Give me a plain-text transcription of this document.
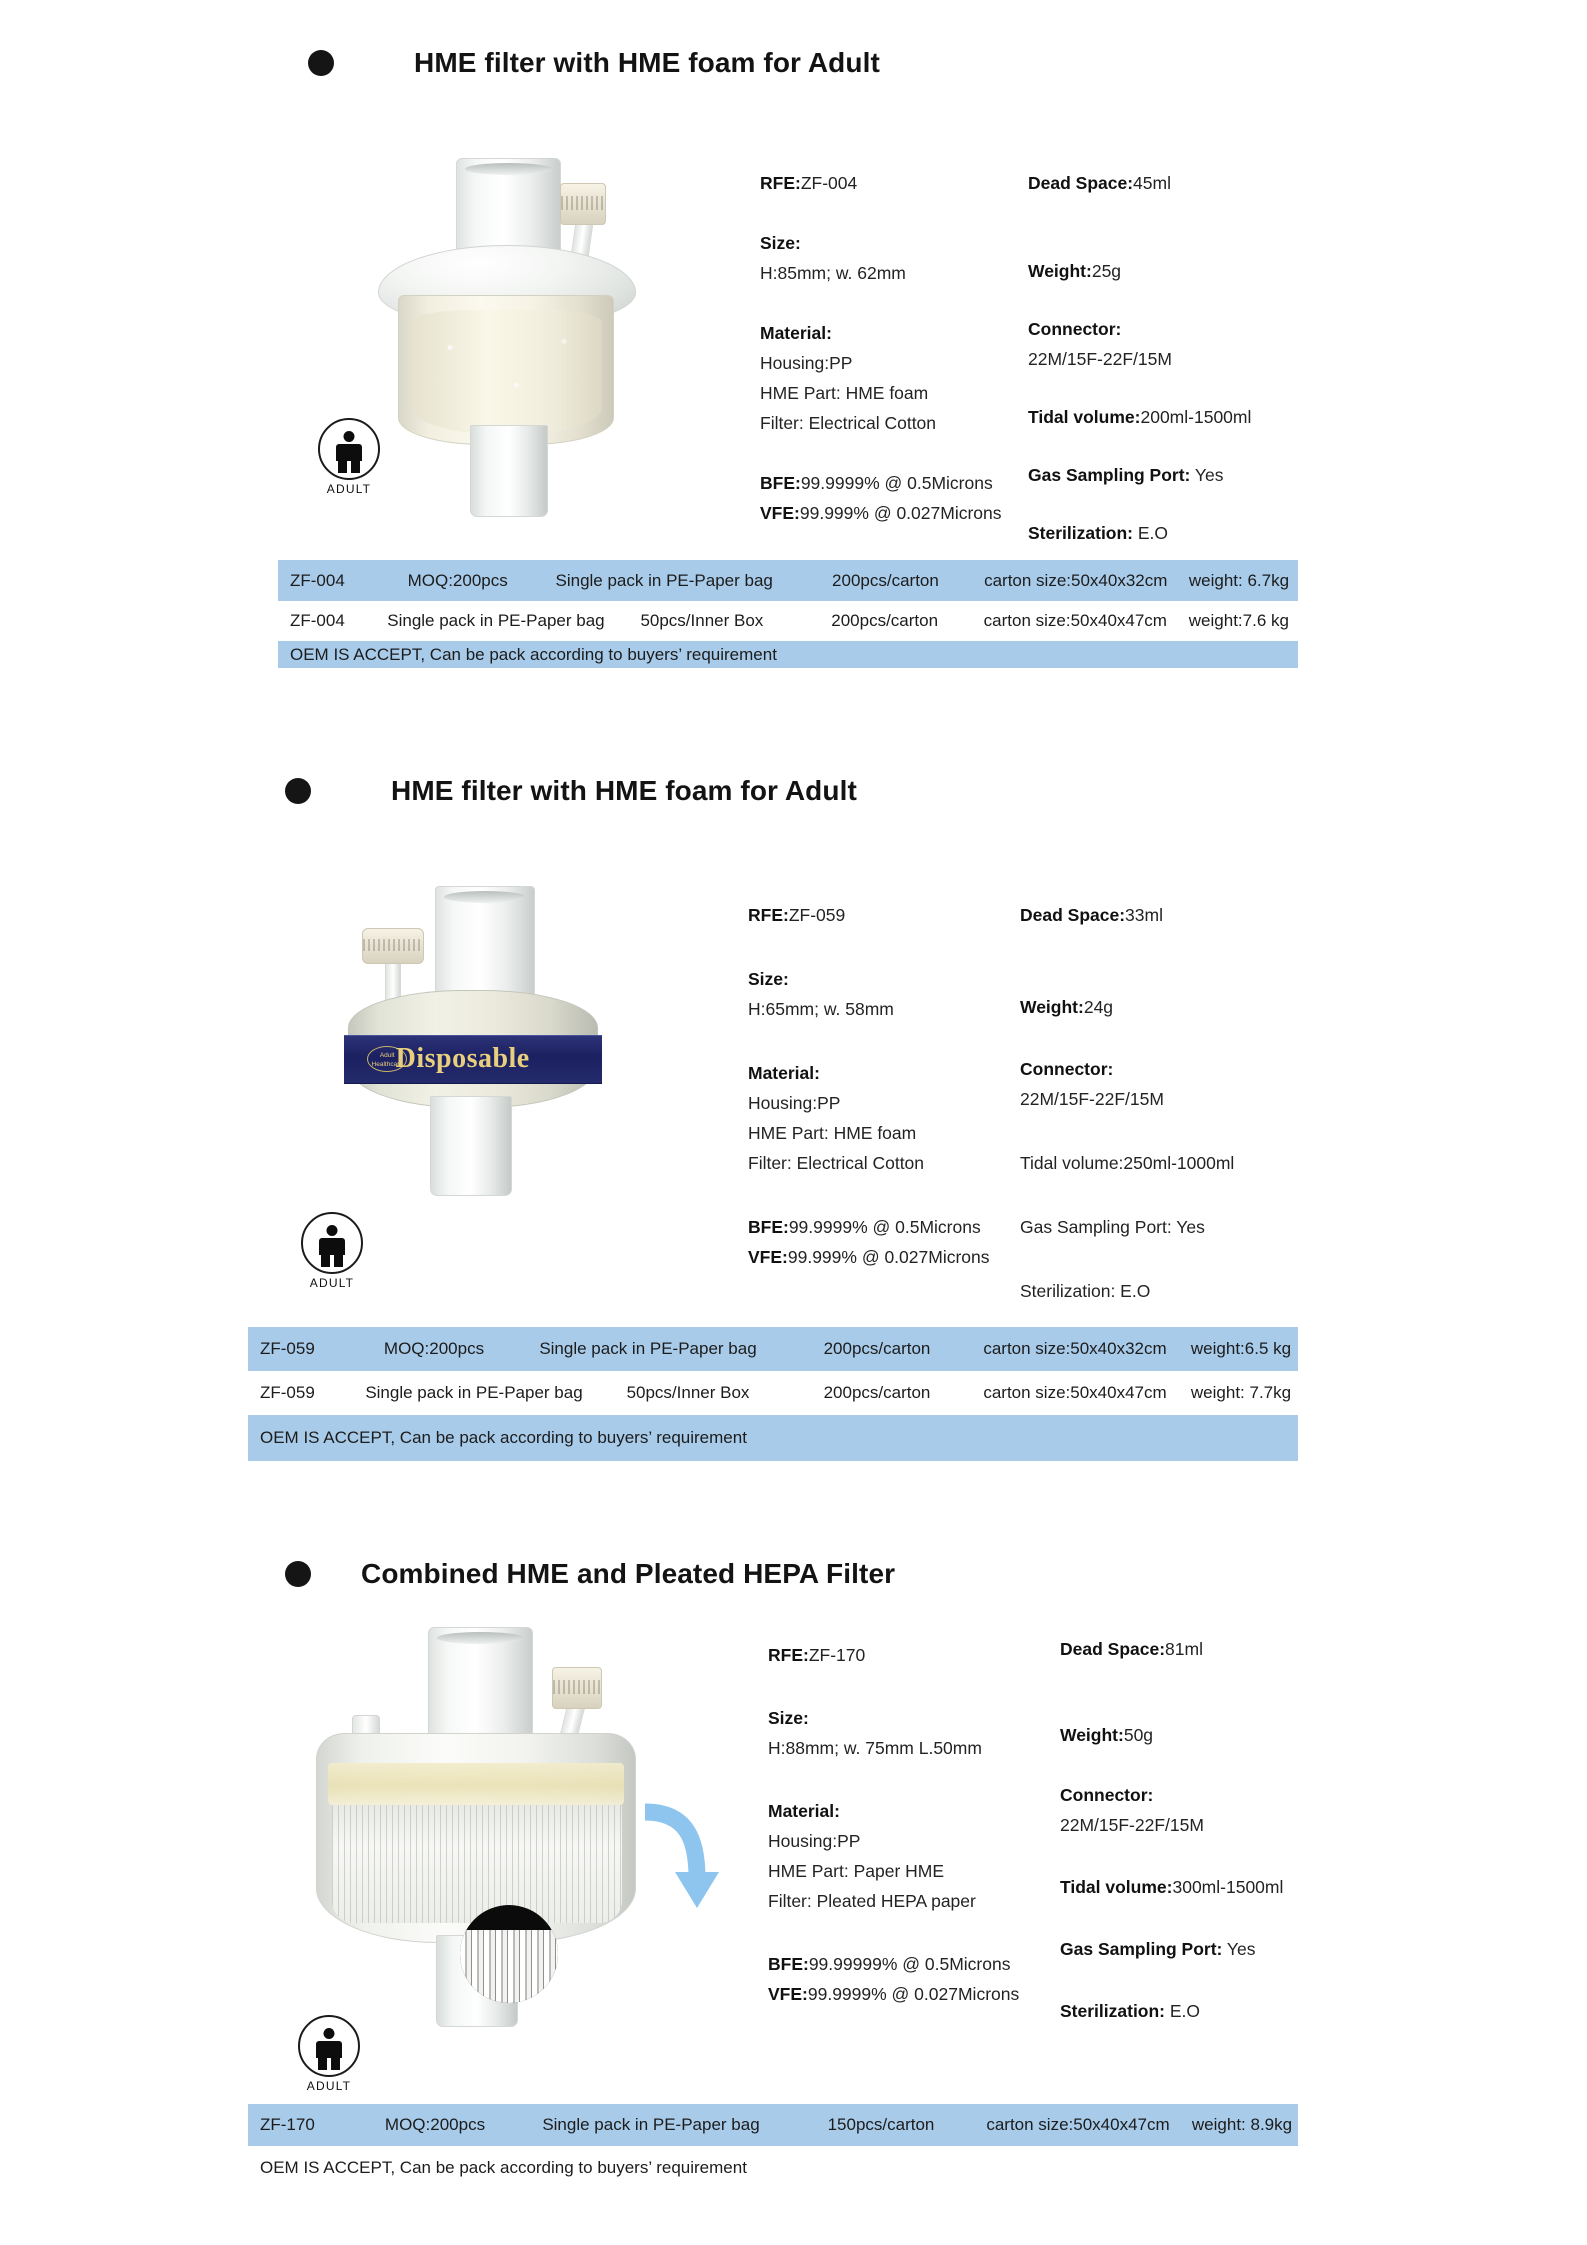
HME filter with HME foam for Adult
ADULT
RFE:ZF-004
Size:
H:85mm; w. 62mm
Material:
Housing:PP
HME Part: HME foam
Filter: Electrical Cotton
BFE:99.9999% @ 0.5Microns
VFE:99.999% @ 0.027Microns
Dead Space:45ml
Weight:25g
Connector:
22M/15F-22F/15M
Tidal volume:200ml-1500ml
Gas Sampling Port: Yes
Sterilization: E.O
ZF-004	MOQ:200pcs	Single pack in PE-Paper bag	200pcs/carton	carton size:50x40x32cm	weight: 6.7kg
ZF-004	Single pack in PE-Paper bag	50pcs/Inner Box	200pcs/carton	carton size:50x40x47cm	weight:7.6 kg
OEM IS ACCEPT, Can be pack according to buyers’ requirement
HME filter with HME foam for Adult
Adult Healthcare
Disposable
ADULT
RFE:ZF-059
Size:
H:65mm; w. 58mm
Material:
Housing:PP
HME Part: HME foam
Filter: Electrical Cotton
BFE:99.9999% @ 0.5Microns
VFE:99.999% @ 0.027Microns
Dead Space:33ml
Weight:24g
Connector:
22M/15F-22F/15M
Tidal volume:250ml-1000ml
Gas Sampling Port: Yes
Sterilization: E.O
ZF-059	MOQ:200pcs	Single pack in PE-Paper bag	200pcs/carton	carton size:50x40x32cm	weight:6.5 kg
ZF-059	Single pack in PE-Paper bag	50pcs/Inner Box	200pcs/carton	carton size:50x40x47cm	weight: 7.7kg
OEM IS ACCEPT, Can be pack according to buyers’ requirement
Combined HME and Pleated HEPA Filter
ADULT
RFE:ZF-170
Size:
H:88mm; w. 75mm L.50mm
Material:
Housing:PP
HME Part: Paper HME
Filter: Pleated HEPA paper
BFE:99.99999% @ 0.5Microns
VFE:99.9999% @ 0.027Microns
Dead Space:81ml
Weight:50g
Connector:
22M/15F-22F/15M
Tidal volume:300ml-1500ml
Gas Sampling Port: Yes
Sterilization: E.O
ZF-170	MOQ:200pcs	Single pack in PE-Paper bag	150pcs/carton	carton size:50x40x47cm	weight: 8.9kg
OEM IS ACCEPT, Can be pack according to buyers’ requirement
